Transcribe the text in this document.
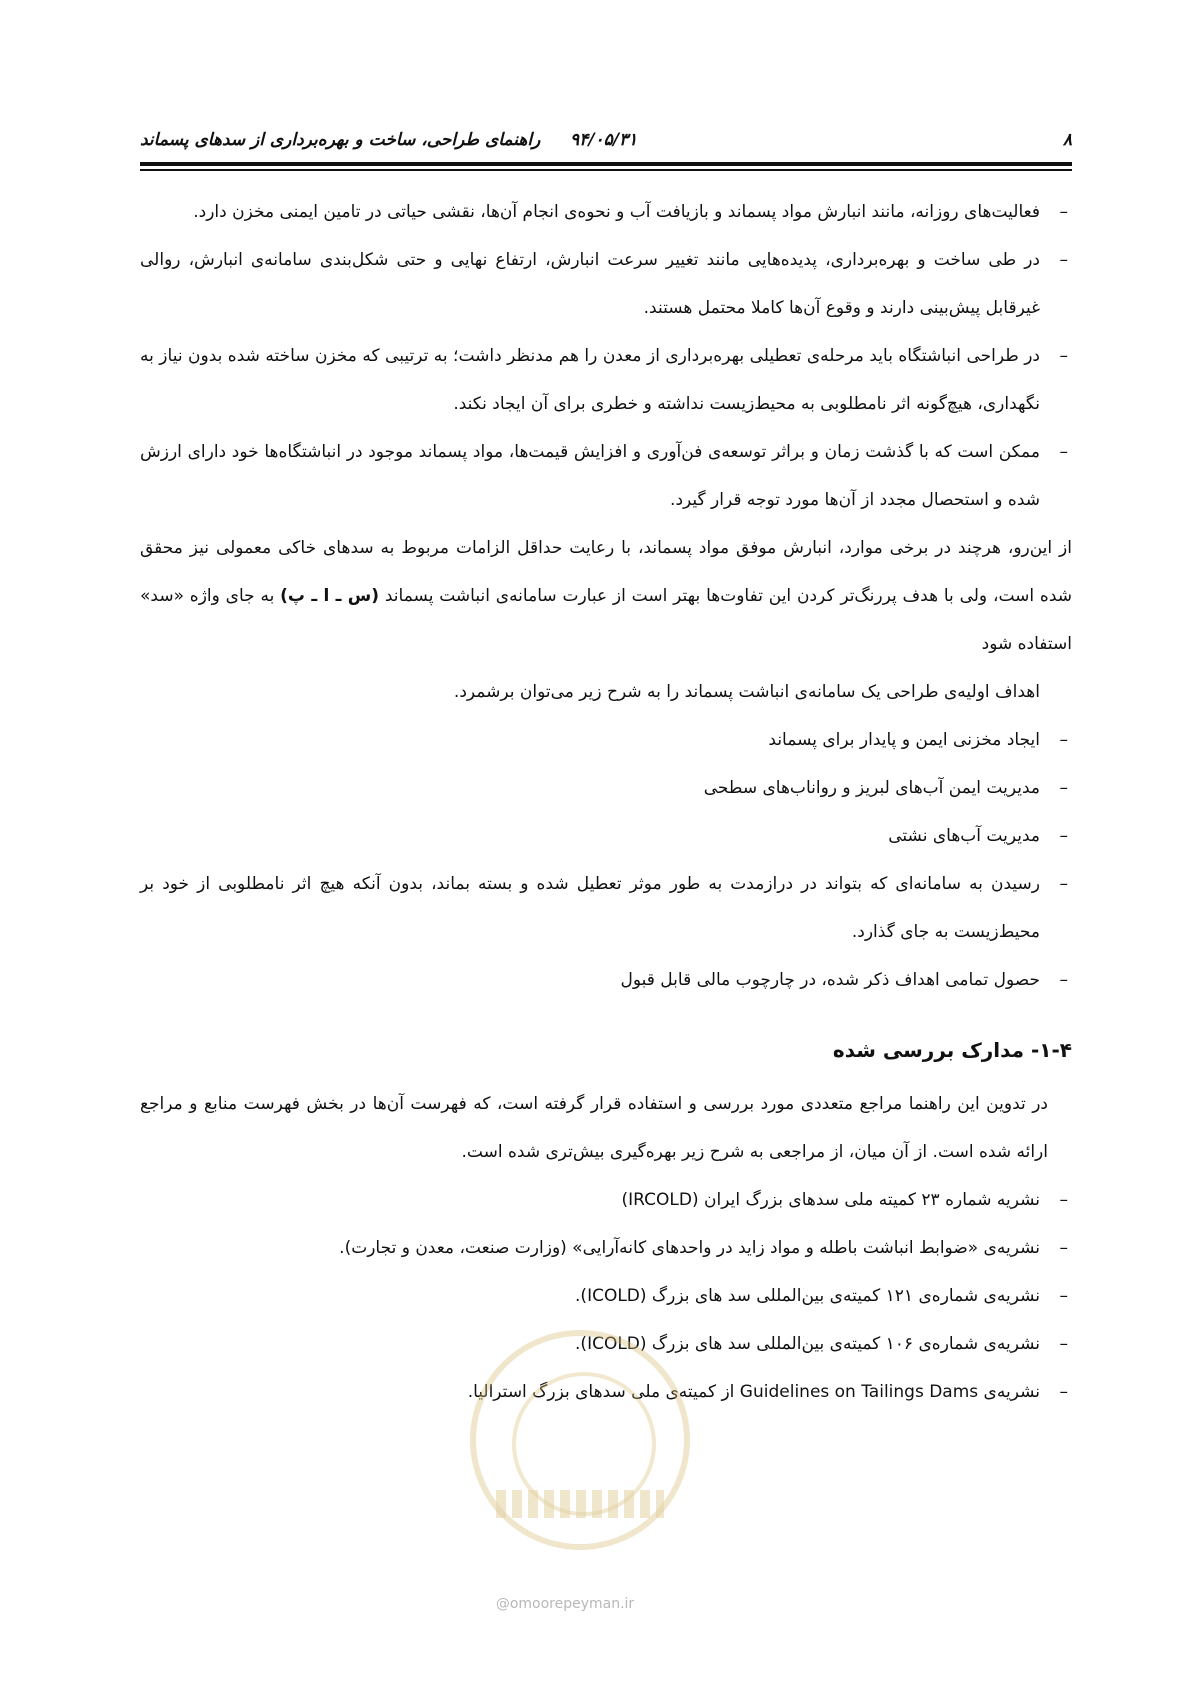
۸
۹۴/۰۵/۳۱
راهنمای طراحی، ساخت و بهره‌برداری از سدهای پسماند
– فعالیت‌های روزانه، مانند انبارش مواد پسماند و بازیافت آب و نحوه‌ی انجام آن‌ها، نقشی حیاتی در تامین ایمنی مخزن دارد.
– در طی ساخت و بهره‌برداری، پدیده‌هایی مانند تغییر سرعت انبارش، ارتفاع نهایی و حتی شکل‌بندی سامانه‌ی انبارش، روالی غیرقابل پیش‌بینی دارند و وقوع آن‌ها کاملا محتمل هستند.
– در طراحی انباشتگاه باید مرحله‌ی تعطیلی بهره‌برداری از معدن را هم مدنظر داشت؛ به ترتیبی که مخزن ساخته شده بدون نیاز به نگهداری، هیچ‌گونه اثر نامطلوبی به محیط‌زیست نداشته و خطری برای آن ایجاد نکند.
– ممکن است که با گذشت زمان و براثر توسعه‌ی فن‌آوری و افزایش قیمت‌ها، مواد پسماند موجود در انباشتگاه‌ها خود دارای ارزش شده و استحصال مجدد از آن‌ها مورد توجه قرار گیرد.

از این‌رو، هرچند در برخی موارد، انبارش موفق مواد پسماند، با رعایت حداقل الزامات مربوط به سدهای خاکی معمولی نیز محقق شده است، ولی با هدف پررنگ‌تر کردن این تفاوت‌ها بهتر است از عبارت سامانه‌ی انباشت پسماند (س ـ ا ـ پ) به جای واژه «سد» استفاده شود

اهداف اولیه‌ی طراحی یک سامانه‌ی انباشت پسماند را به شرح زیر می‌توان برشمرد.

– ایجاد مخزنی ایمن و پایدار برای پسماند
– مدیریت ایمن آب‌های لبریز و رواناب‌های سطحی
– مدیریت آب‌های نشتی
– رسیدن به سامانه‌ای که بتواند در درازمدت به طور موثر تعطیل شده و بسته بماند، بدون آنکه هیچ اثر نامطلوبی از خود بر محیط‌زیست به جای گذارد.
– حصول تمامی اهداف ذکر شده، در چارچوب مالی قابل قبول
۱-۴- مدارک بررسی شده

در تدوین این راهنما مراجع متعددی مورد بررسی و استفاده قرار گرفته است، که فهرست آن‌ها در بخش فهرست منابع و مراجع ارائه شده است. از آن میان، از مراجعی به شرح زیر بهره‌گیری بیش‌تری شده است.

– نشریه شماره ۲۳ کمیته ملی سدهای بزرگ ایران (IRCOLD)
– نشریه‌ی «ضوابط انباشت باطله و مواد زاید در واحدهای کانه‌آرایی» (وزارت صنعت، معدن و تجارت).
– نشریه‌ی شماره‌ی ۱۲۱ کمیته‌ی بین‌المللی سد های بزرگ (ICOLD).
– نشریه‌ی شماره‌ی ۱۰۶ کمیته‌ی بین‌المللی سد های بزرگ (ICOLD).
– نشریه‌ی Guidelines on Tailings Dams از کمیته‌ی ملی سدهای بزرگ استرالیا.
@omoorepeyman.ir
